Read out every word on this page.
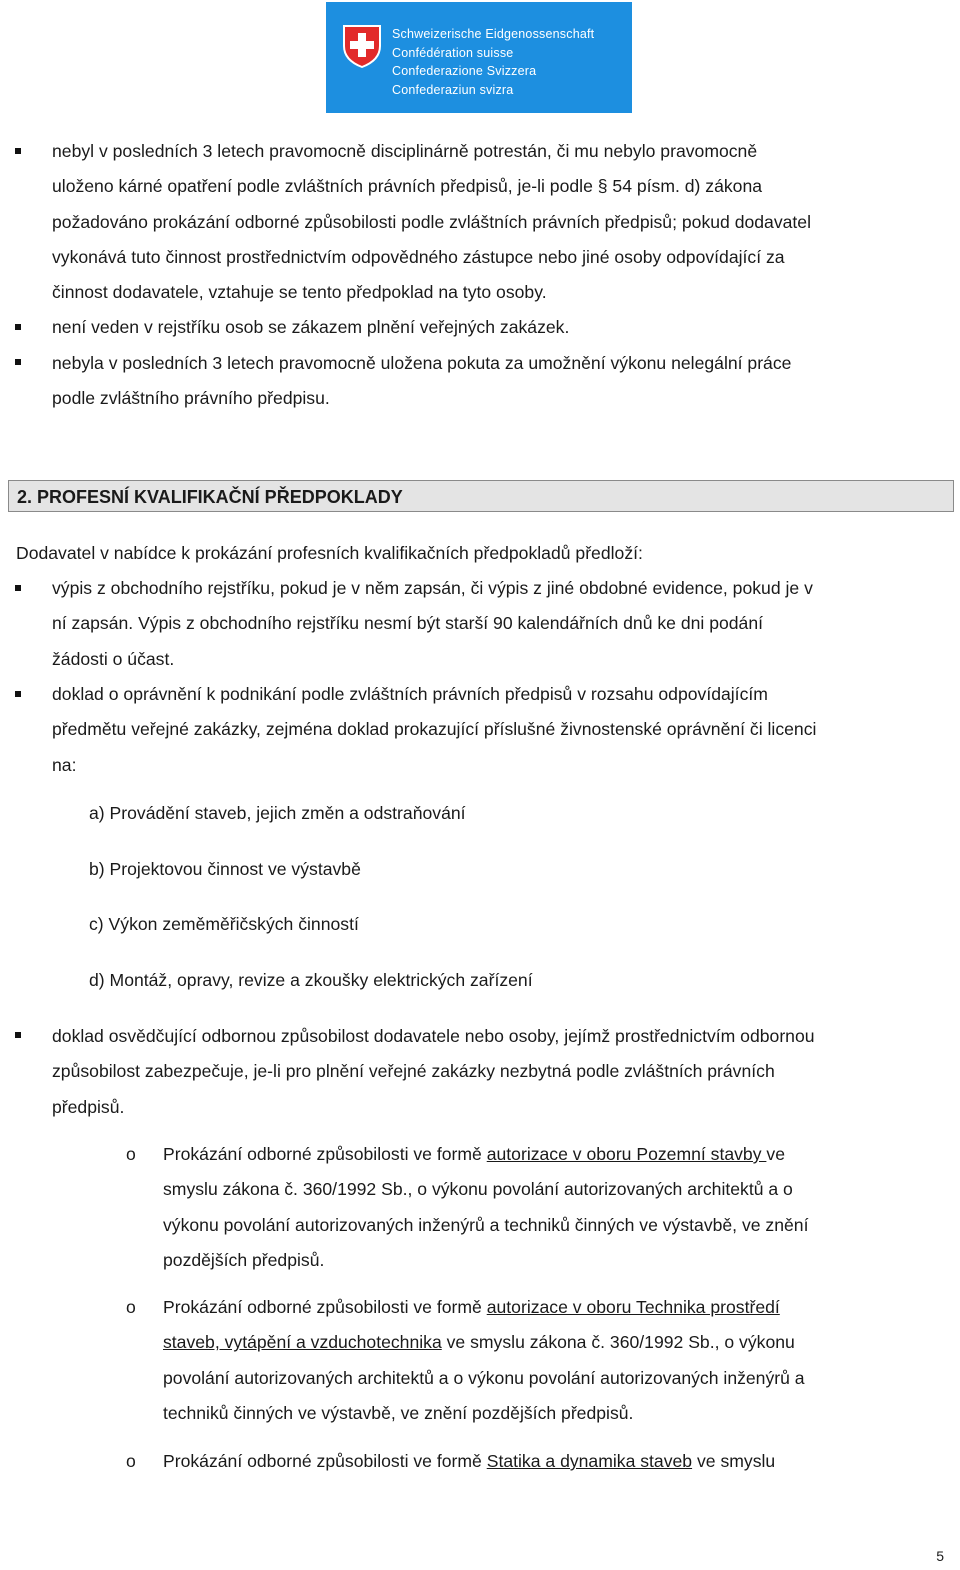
Schweizerische Eidgenossenschaft
Confédération suisse
Confederazione Svizzera
Confederaziun svizra
nebyl v posledních 3 letech pravomocně disciplinárně potrestán, či mu nebylo pravomocně
uloženo kárné opatření podle zvláštních právních předpisů, je-li podle § 54 písm. d) zákona
požadováno prokázání odborné způsobilosti podle zvláštních právních předpisů; pokud dodavatel
vykonává tuto činnost prostřednictvím odpovědného zástupce nebo jiné osoby odpovídající za
činnost dodavatele, vztahuje se tento předpoklad na tyto osoby.
není veden v rejstříku osob se zákazem plnění veřejných zakázek.
nebyla v posledních 3 letech pravomocně uložena pokuta za umožnění výkonu nelegální práce
podle zvláštního právního předpisu.
2. PROFESNÍ KVALIFIKAČNÍ PŘEDPOKLADY
Dodavatel v nabídce k prokázání profesních kvalifikačních předpokladů předloží:
výpis z obchodního rejstříku, pokud je v něm zapsán, či výpis z jiné obdobné evidence, pokud je v
ní zapsán. Výpis z obchodního rejstříku nesmí být starší 90 kalendářních dnů ke dni podání
žádosti o účast.
doklad o oprávnění k podnikání podle zvláštních právních předpisů v rozsahu odpovídajícím
předmětu veřejné zakázky, zejména doklad prokazující příslušné živnostenské oprávnění či licenci
na:
a) Provádění staveb, jejich změn a odstraňování
b) Projektovou činnost ve výstavbě
c) Výkon zeměměřičských činností
d) Montáž, opravy, revize a zkoušky elektrických zařízení
doklad osvědčující odbornou způsobilost dodavatele nebo osoby, jejímž prostřednictvím odbornou
způsobilost zabezpečuje, je-li pro plnění veřejné zakázky nezbytná podle zvláštních právních
předpisů.
o Prokázání odborné způsobilosti ve formě autorizace v oboru Pozemní stavby ve
smyslu zákona č. 360/1992 Sb., o výkonu povolání autorizovaných architektů a o
výkonu povolání autorizovaných inženýrů a techniků činných ve výstavbě, ve znění
pozdějších předpisů.
o Prokázání odborné způsobilosti ve formě autorizace v oboru Technika prostředí
staveb, vytápění a vzduchotechnika ve smyslu zákona č. 360/1992 Sb., o výkonu
povolání autorizovaných architektů a o výkonu povolání autorizovaných inženýrů a
techniků činných ve výstavbě, ve znění pozdějších předpisů.
o Prokázání odborné způsobilosti ve formě Statika a dynamika staveb ve smyslu
5
